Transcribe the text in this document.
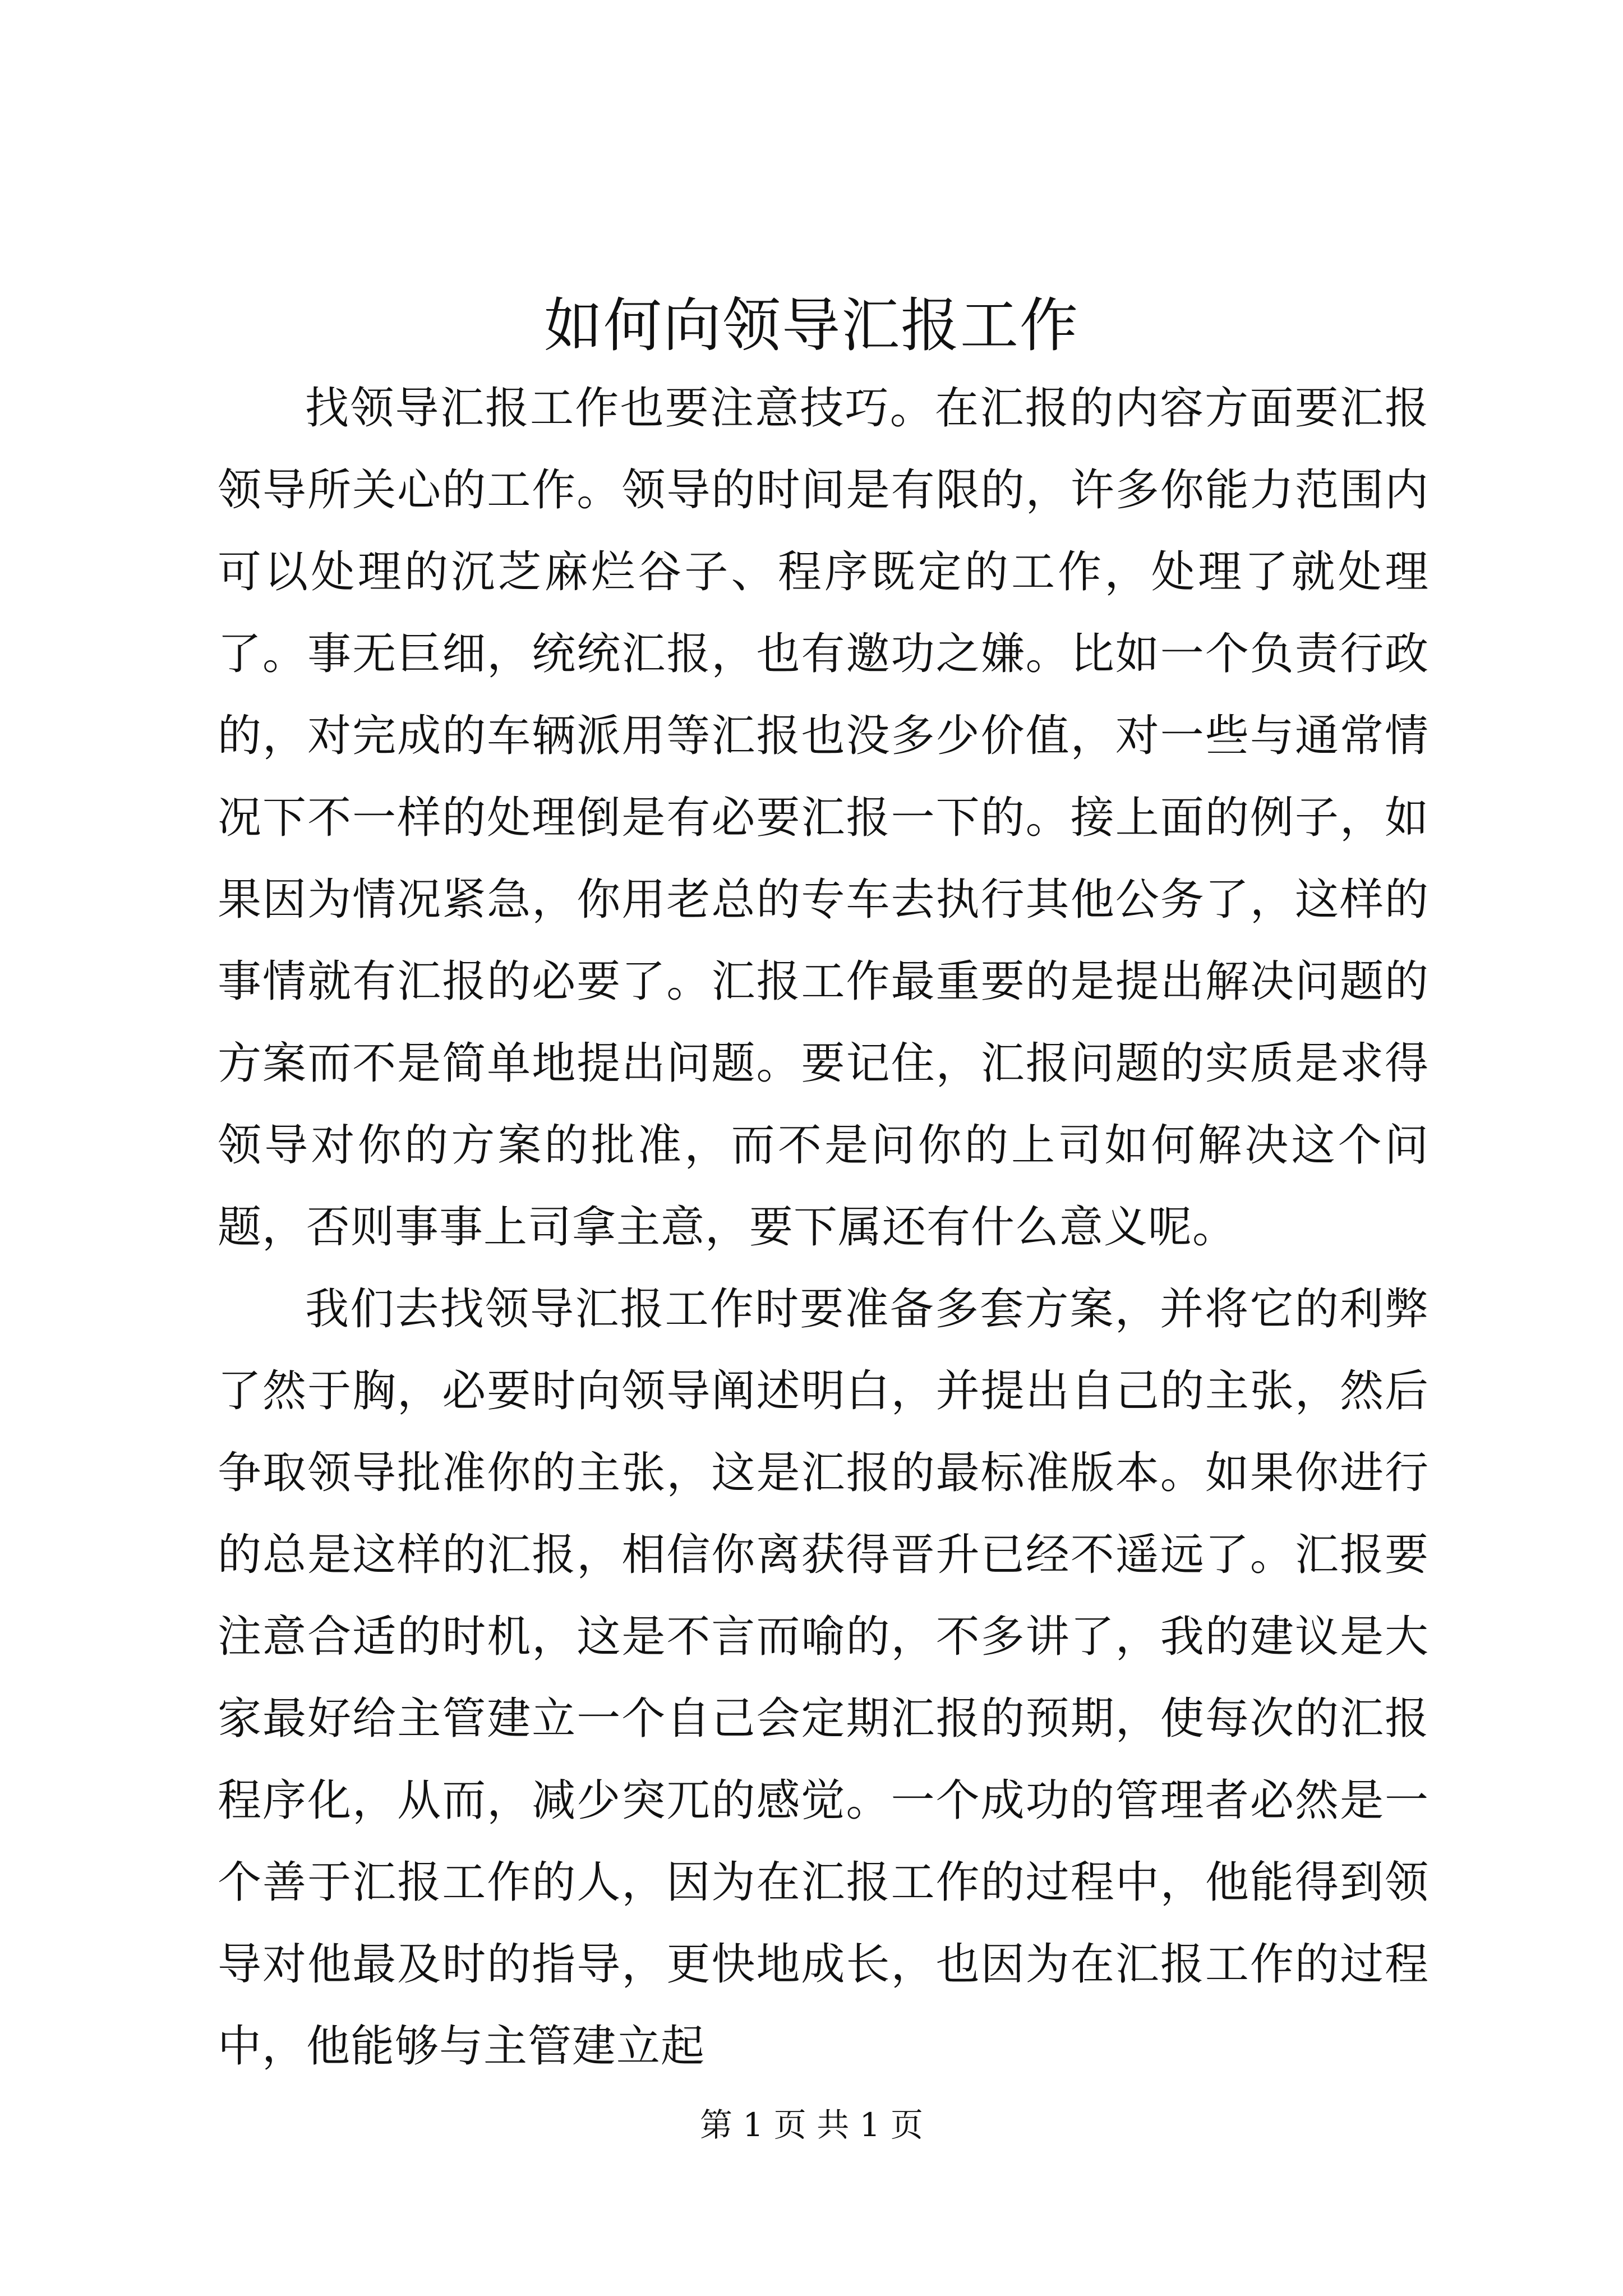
如何向领导汇报工作

找领导汇报工作也要注意技巧。在汇报的内容方面要汇报领导所关心的工作。领导的时间是有限的，许多你能力范围内可以处理的沉芝麻烂谷子、程序既定的工作，处理了就处理了。事无巨细，统统汇报，也有邀功之嫌。比如一个负责行政的，对完成的车辆派用等汇报也没多少价值，对一些与通常情况下不一样的处理倒是有必要汇报一下的。接上面的例子，如果因为情况紧急，你用老总的专车去执行其他公务了，这样的事情就有汇报的必要了。汇报工作最重要的是提出解决问题的方案而不是简单地提出问题。要记住，汇报问题的实质是求得领导对你的方案的批准，而不是问你的上司如何解决这个问题，否则事事上司拿主意，要下属还有什么意义呢。

我们去找领导汇报工作时要准备多套方案，并将它的利弊了然于胸，必要时向领导阐述明白，并提出自己的主张，然后争取领导批准你的主张，这是汇报的最标准版本。如果你进行的总是这样的汇报，相信你离获得晋升已经不遥远了。汇报要注意合适的时机，这是不言而喻的，不多讲了，我的建议是大家最好给主管建立一个自己会定期汇报的预期，使每次的汇报程序化，从而，减少突兀的感觉。一个成功的管理者必然是一个善于汇报工作的人，因为在汇报工作的过程中，他能得到领导对他最及时的指导，更快地成长，也因为在汇报工作的过程中，他能够与主管建立起

第 1 页 共 1 页
